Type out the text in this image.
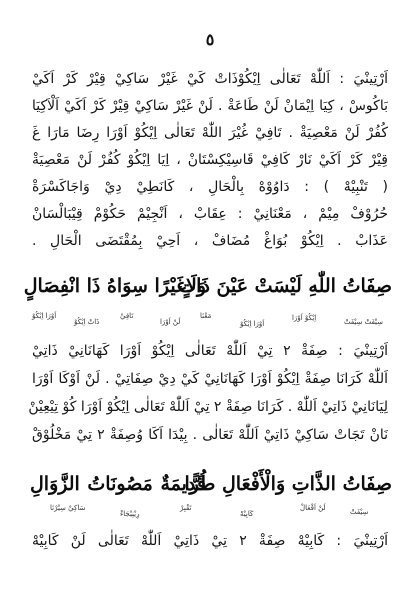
٥
اَرْتِينْيَ : اَللّٰهْ تَعَالٰى اِيْكُوْذَاتْ كَيْ غَيْرْ سَاكِيْ قِيْرْ كَرْ اَكَيْ
بَاكُوسْ ، كِيَا اِيْمَانْ لَنْ طَاعَةْ . لَنْ غَيْرْ سَاكِيْ قِيْرْ كَرْ اَكَيْ اَلْاَكِيَا
كُفُرْ لَنْ مَعْصِيَةْ . تَافِيْ غُيْرَ اللّٰهْ تَعَالٰى اِيْكُوْ اَوْرَا رِضَا مَارَا غَ
قِيْرْ كَرْ اَكَيْ نَارْ كَافِيْ قَاسِيْكِسْتَانْ ، اِيَا اِيْكُوْ كُفُرْ لَنْ مَعْصِيَةْ
( تَنْبِيْهْ ) : دَاوُوْهْ بِالْحَالِ ، كَانَطِيْ دِيْ وَاجَاكَسْرَةْ
حُرُوْفْ مِيْمْ ، مَعْنَانِيْ : عِقَابْ ، اَنْجِيْمْ حَكُوْمْ قِيْبَالْسَانْ
عَذَابْ . اِيْكُوْ بُوَاغْ مُضَافْ ، اَحِيْ بِمُقْتَضَى الْحَالِ .
صِفَاتُ اللّٰهِ لَيْسَتْ عَيْنَ ذَاتٍ
وَلَاغَيْرًا سِوَاهُ ذَا انْفِصَالٍ
سِيْفَتْ سِيْفَتْ
اِيْكُوْ اَوْرَا
اَوْرَا اِيْكُوْ
مَعْنَا
لَنْ اَوْرَا
تَاقِيْ
ذَاتْ اِيْكُوْ
اَوْرَا اِيْكُوْ
اَرْتِينْيَ : صِفَةْ ٢ تِيْ اَللّٰهْ تَعَالٰى اِيْكُوْ اَوْرَا كَهَانَانِيْ ذَاتِيْ
اَللّٰهْ كَرَانَا صِفَةْ اِيْكُوْ اَوْرَا كَهَانَانِيْ كَيْ دِيْ صِفَاتِيْ . لَنْ اَوْكَا اَوْرَا
لِيَانَانِيْ ذَاتِيْ اَللّٰهْ . كَرَانَا صِفَةْ ٢ تِيْ اَللّٰهْ تَعَالٰى اِيْكُوْ اَوْرَا كُوْ تِيْعِيْنْ
نَانْ تَجَاتْ سَاكِيْ ذَاتِيْ اَللّٰهْ تَعَالٰى . بِيْدَا اَكَا وُصِفَةْ ٢ تِيْ مَخْلُوْقْ
صِفَاتُ الذَّاتِ وَالْأَفْعَالِ طُرًّا
قَدِيمَةٌ مَصُونَاتُ الزَّوَالِ
سِيْفَتْ
لَنْ اَفْعَالْ
كَابِيْهْ
تَقْبِرْ
رِيْنِيْجَاءْ
سَاكِيْ سِيْرْنَا
اَرْتِينْيَ : كَابِيْهْ صِفَةْ ٢ تِيْ ذَاتِيْ اَللّٰهْ تَعَالٰى لَنْ كَابِيْهْ
